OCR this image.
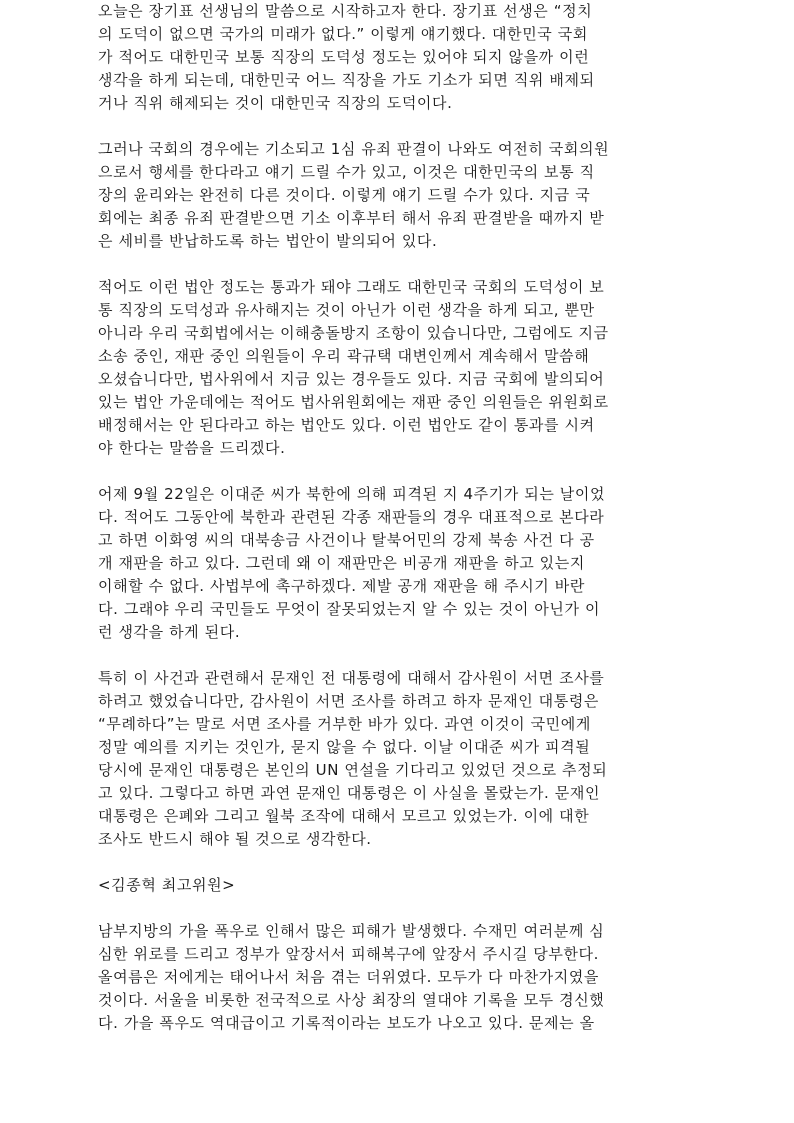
오늘은 장기표 선생님의 말씀으로 시작하고자 한다. 장기표 선생은 “정치
의 도덕이 없으면 국가의 미래가 없다.” 이렇게 얘기했다. 대한민국 국회
가 적어도 대한민국 보통 직장의 도덕성 정도는 있어야 되지 않을까 이런
생각을 하게 되는데, 대한민국 어느 직장을 가도 기소가 되면 직위 배제되
거나 직위 해제되는 것이 대한민국 직장의 도덕이다.
그러나 국회의 경우에는 기소되고 1심 유죄 판결이 나와도 여전히 국회의원
으로서 행세를 한다라고 얘기 드릴 수가 있고, 이것은 대한민국의 보통 직
장의 윤리와는 완전히 다른 것이다. 이렇게 얘기 드릴 수가 있다. 지금 국
회에는 최종 유죄 판결받으면 기소 이후부터 해서 유죄 판결받을 때까지 받
은 세비를 반납하도록 하는 법안이 발의되어 있다.
적어도 이런 법안 정도는 통과가 돼야 그래도 대한민국 국회의 도덕성이 보
통 직장의 도덕성과 유사해지는 것이 아닌가 이런 생각을 하게 되고, 뿐만
아니라 우리 국회법에서는 이해충돌방지 조항이 있습니다만, 그럼에도 지금
소송 중인, 재판 중인 의원들이 우리 곽규택 대변인께서 계속해서 말씀해
오셨습니다만, 법사위에서 지금 있는 경우들도 있다. 지금 국회에 발의되어
있는 법안 가운데에는 적어도 법사위원회에는 재판 중인 의원들은 위원회로
배정해서는 안 된다라고 하는 법안도 있다. 이런 법안도 같이 통과를 시켜
야 한다는 말씀을 드리겠다.
어제 9월 22일은 이대준 씨가 북한에 의해 피격된 지 4주기가 되는 날이었
다. 적어도 그동안에 북한과 관련된 각종 재판들의 경우 대표적으로 본다라
고 하면 이화영 씨의 대북송금 사건이나 탈북어민의 강제 북송 사건 다 공
개 재판을 하고 있다. 그런데 왜 이 재판만은 비공개 재판을 하고 있는지
이해할 수 없다. 사법부에 촉구하겠다. 제발 공개 재판을 해 주시기 바란
다. 그래야 우리 국민들도 무엇이 잘못되었는지 알 수 있는 것이 아닌가 이
런 생각을 하게 된다.
특히 이 사건과 관련해서 문재인 전 대통령에 대해서 감사원이 서면 조사를
하려고 했었습니다만, 감사원이 서면 조사를 하려고 하자 문재인 대통령은
“무례하다”는 말로 서면 조사를 거부한 바가 있다. 과연 이것이 국민에게
정말 예의를 지키는 것인가, 묻지 않을 수 없다. 이날 이대준 씨가 피격될
당시에 문재인 대통령은 본인의 UN 연설을 기다리고 있었던 것으로 추정되
고 있다. 그렇다고 하면 과연 문재인 대통령은 이 사실을 몰랐는가. 문재인
대통령은 은폐와 그리고 월북 조작에 대해서 모르고 있었는가. 이에 대한
조사도 반드시 해야 될 것으로 생각한다.
<김종혁 최고위원>
남부지방의 가을 폭우로 인해서 많은 피해가 발생했다. 수재민 여러분께 심
심한 위로를 드리고 정부가 앞장서서 피해복구에 앞장서 주시길 당부한다.
올여름은 저에게는 태어나서 처음 겪는 더위였다. 모두가 다 마찬가지였을
것이다. 서울을 비롯한 전국적으로 사상 최장의 열대야 기록을 모두 경신했
다. 가을 폭우도 역대급이고 기록적이라는 보도가 나오고 있다. 문제는 올
